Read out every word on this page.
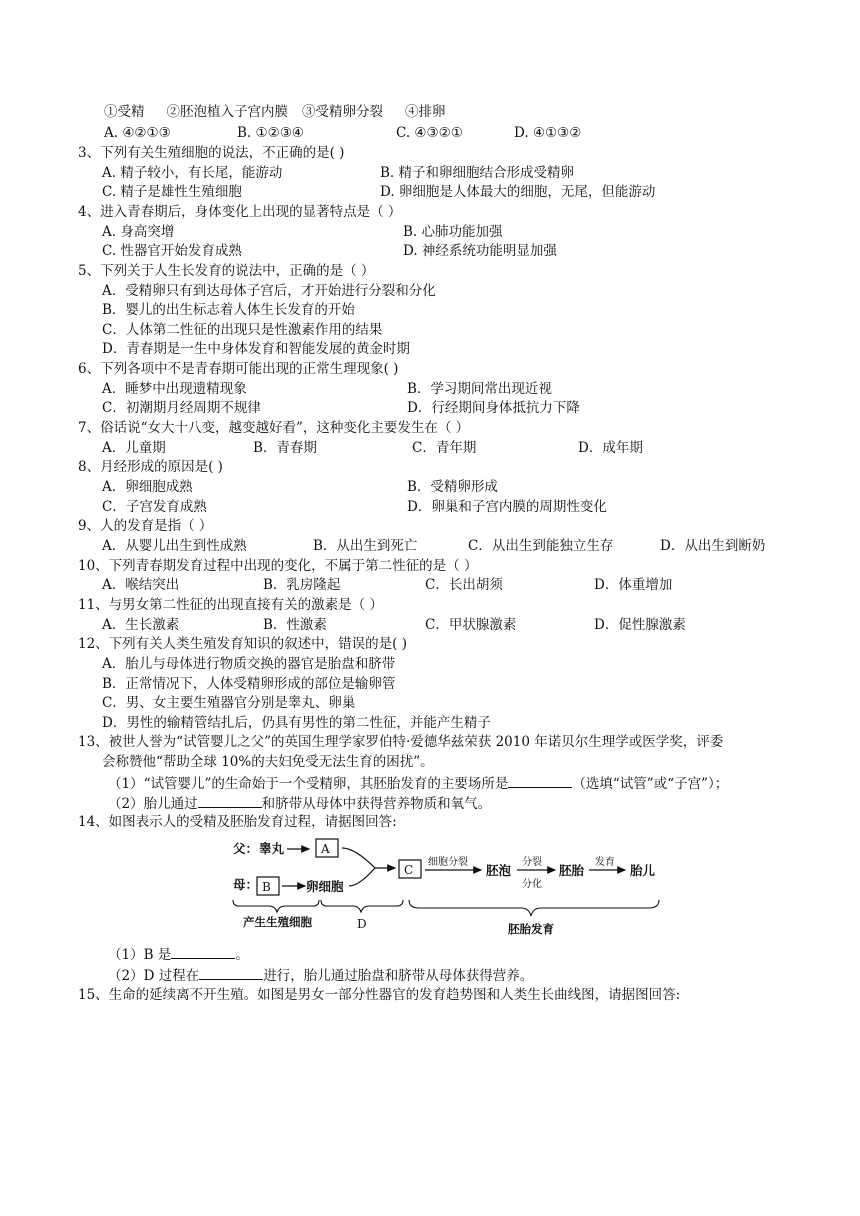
①受精 ②胚泡植入子宫内膜 ③受精卵分裂 ④排卵
A. ④②①③	B. ①②③④	C. ④③②①	D. ④①③②
3、下列有关生殖细胞的说法，不正确的是( )
A. 精子较小，有长尾，能游动	B. 精子和卵细胞结合形成受精卵
C. 精子是雄性生殖细胞	D. 卵细胞是人体最大的细胞，无尾，但能游动
4、进入青春期后，身体变化上出现的显著特点是（ ）
A. 身高突增	B. 心肺功能加强
C. 性器官开始发育成熟	D. 神经系统功能明显加强
5、下列关于人生长发育的说法中，正确的是（ ）
A．受精卵只有到达母体子宫后，才开始进行分裂和分化
B．婴儿的出生标志着人体生长发育的开始
C．人体第二性征的出现只是性激素作用的结果
D．青春期是一生中身体发育和智能发展的黄金时期
6、下列各项中不是青春期可能出现的正常生理现象( )
A．睡梦中出现遗精现象	B．学习期间常出现近视
C．初潮期月经周期不规律	D．行经期间身体抵抗力下降
7、俗话说“女大十八变，越变越好看”，这种变化主要发生在（ ）
A．儿童期	B．青春期	C．青年期	D．成年期
8、月经形成的原因是( )
A．卵细胞成熟	B．受精卵形成
C．子宫发育成熟	D．卵巢和子宫内膜的周期性变化
9、人的发育是指（ ）
A．从婴儿出生到性成熟	B．从出生到死亡	C．从出生到能独立生存	D．从出生到断奶
10、下列青春期发育过程中出现的变化，不属于第二性征的是（ ）
A．喉结突出	B．乳房隆起	C．长出胡须	D．体重增加
11、与男女第二性征的出现直接有关的激素是（ ）
A．生长激素	B．性激素	C．甲状腺激素	D．促性腺激素
12、下列有关人类生殖发育知识的叙述中，错误的是( )
A．胎儿与母体进行物质交换的器官是胎盘和脐带
B．正常情况下，人体受精卵形成的部位是输卵管
C．男、女主要生殖器官分别是睾丸、卵巢
D．男性的输精管结扎后，仍具有男性的第二性征，并能产生精子
13、被世人誉为“试管婴儿之父”的英国生理学家罗伯特·爱德华兹荣获 2010 年诺贝尔生理学或医学奖，评委
会称赞他“帮助全球 10%的夫妇免受无法生育的困扰”。
（1）“试管婴儿”的生命始于一个受精卵，其胚胎发育的主要场所是	（选填“试管”或“子宫”）；
（2）胎儿通过	和脐带从母体中获得营养物质和氧气。
14、如图表示人的受精及胚胎发育过程，请据图回答:
父： 睾丸	A
母： B	卵细胞
C
细胞分裂
胚泡
分裂
分化
胚胎
发育
胎儿
产生生殖细胞	D	胚胎发育
（1）B 是	。
（2）D 过程在	进行，胎儿通过胎盘和脐带从母体获得营养。
15、生命的延续离不开生殖。如图是男女一部分性器官的发育趋势图和人类生长曲线图，请据图回答:
